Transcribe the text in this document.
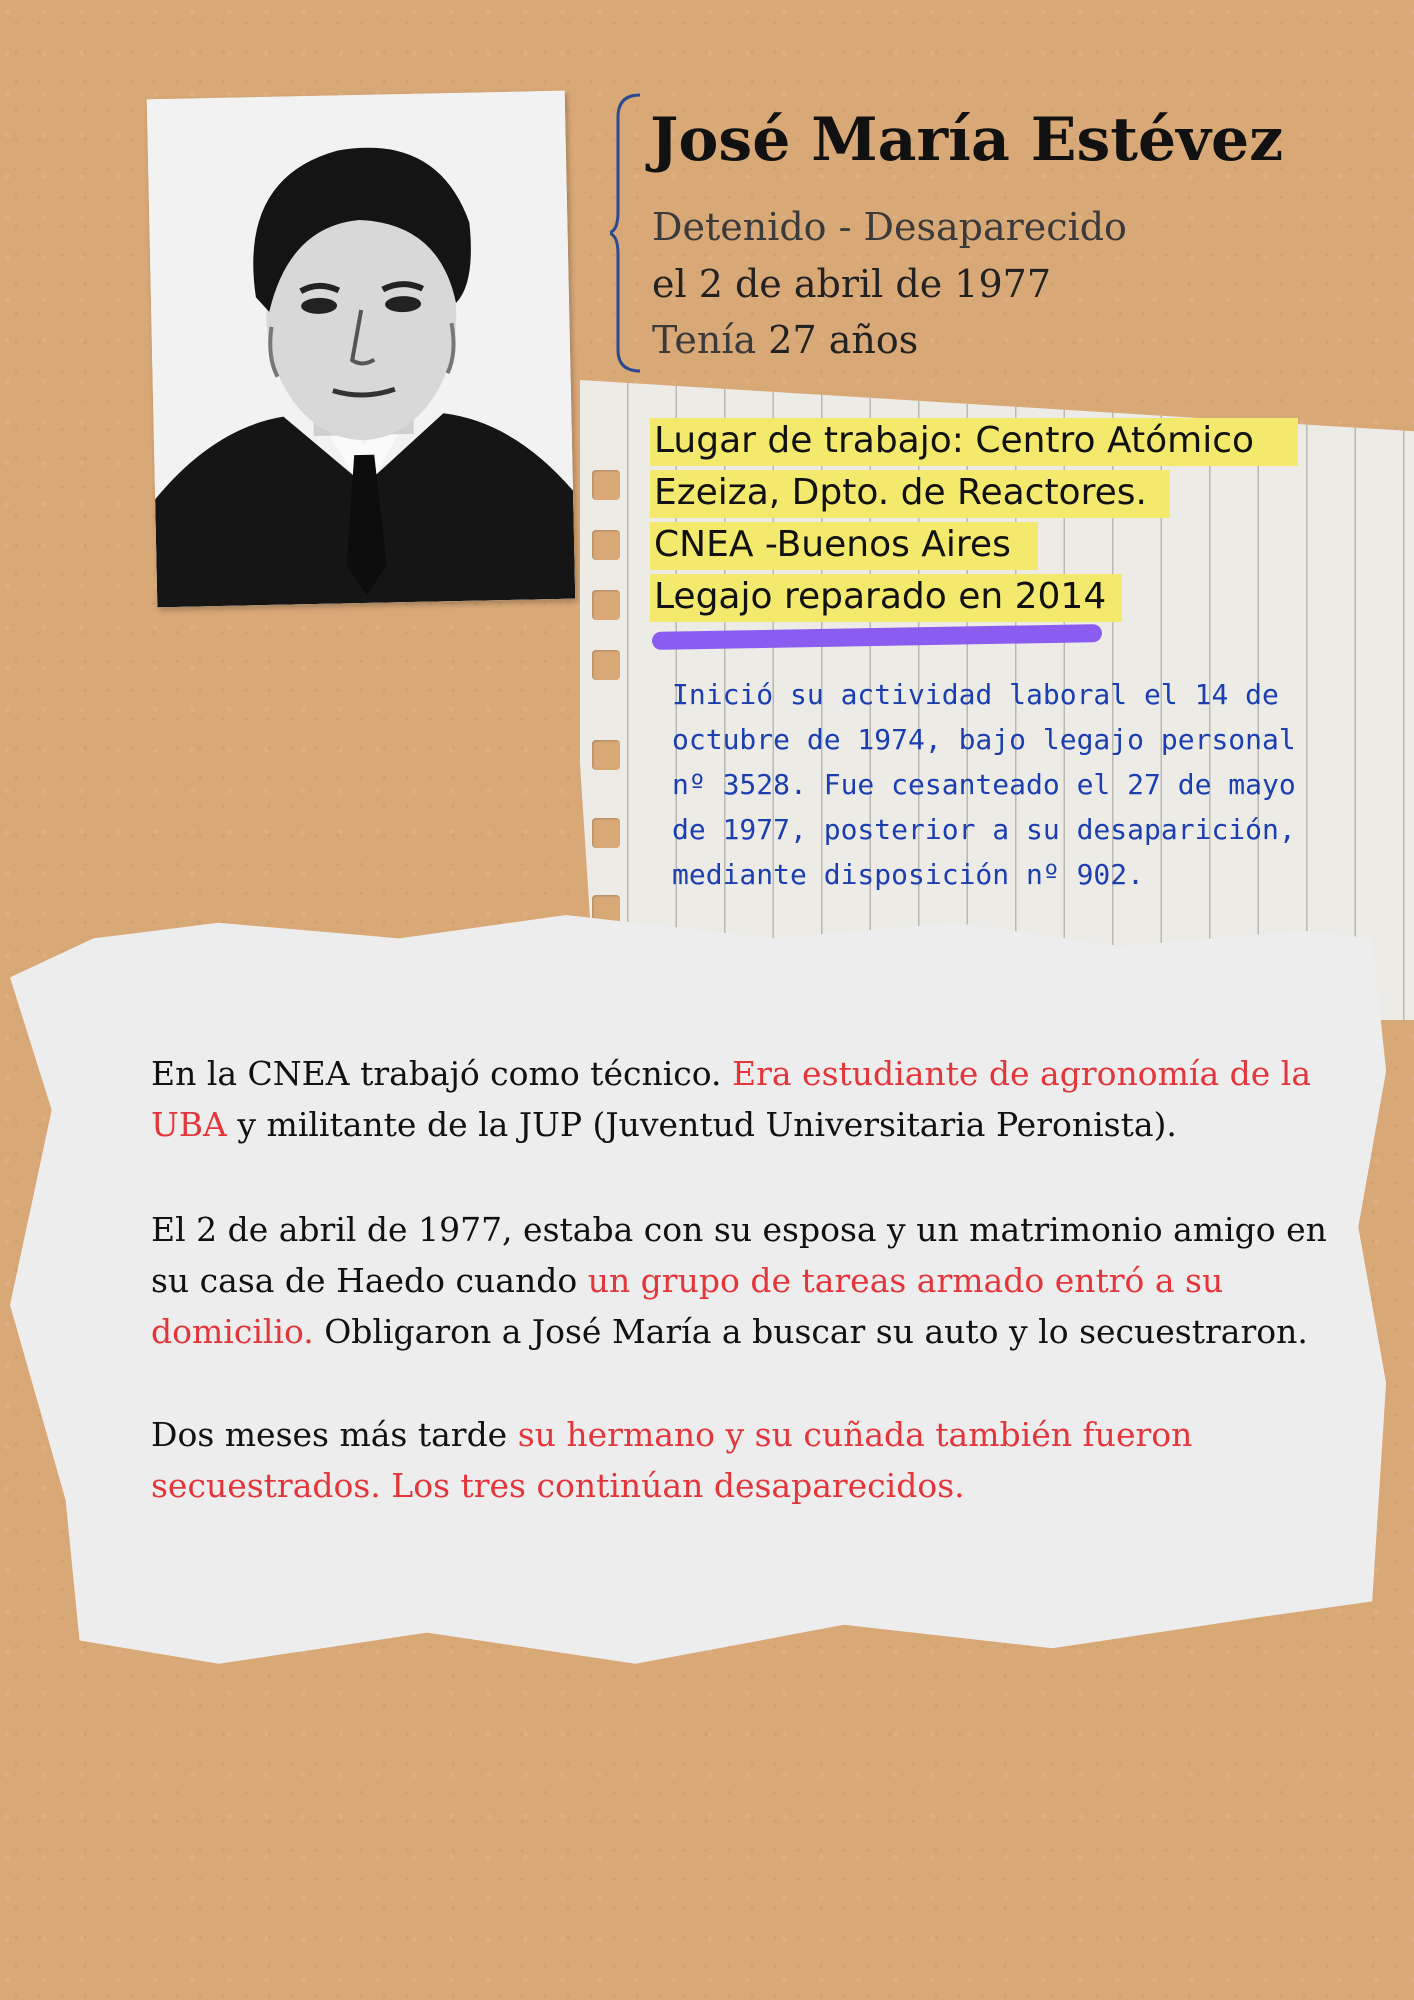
José María Estévez
Detenido - Desaparecido
el 2 de abril de 1977
Tenía 27 años
Lugar de trabajo: Centro Atómico
Ezeiza, Dpto. de Reactores.
CNEA -Buenos Aires
Legajo reparado en 2014
Inició su actividad laboral el 14 de
octubre de 1974, bajo legajo personal
nº 3528. Fue cesanteado el 27 de mayo
de 1977, posterior a su desaparición,
mediante disposición nº 902.

En la CNEA trabajó como técnico. Era estudiante de agronomía de la UBA y militante de la JUP (Juventud Universitaria Peronista).

El 2 de abril de 1977, estaba con su esposa y un matrimonio amigo en su casa de Haedo cuando un grupo de tareas armado entró a su domicilio. Obligaron a José María a buscar su auto y lo secuestraron.

Dos meses más tarde su hermano y su cuñada también fueron secuestrados. Los tres continúan desaparecidos.
